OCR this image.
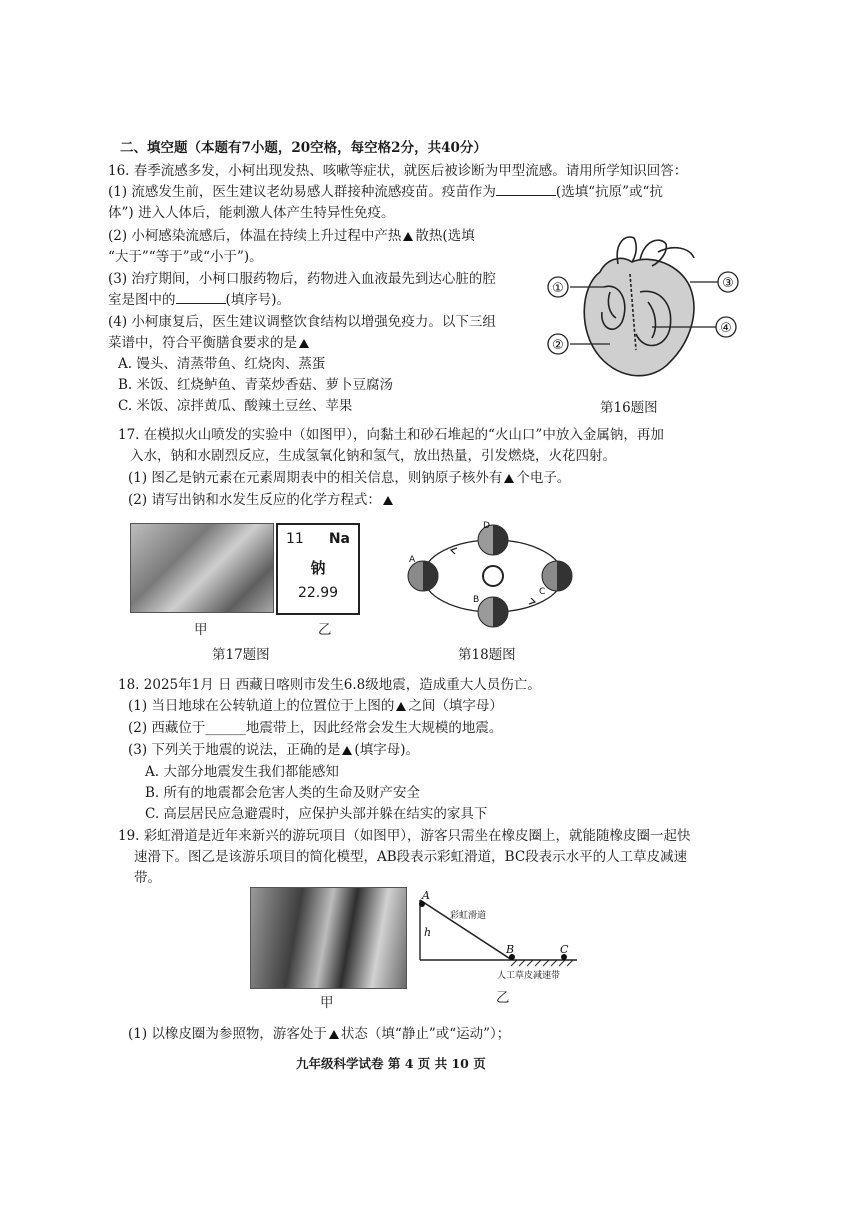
二、填空题（本题有7小题，20空格，每空格2分，共40分）
16. 春季流感多发，小柯出现发热、咳嗽等症状，就医后被诊断为甲型流感。请用所学知识回答：
(1) 流感发生前，医生建议老幼易感人群接种流感疫苗。疫苗作为	(选填“抗原”或“抗
体”) 进入人体后，能刺激人体产生特异性免疫。
(2) 小柯感染流感后，体温在持续上升过程中产热 散热(选填
“大于”“等于”或“小于”)。
(3) 治疗期间，小柯口服药物后，药物进入血液最先到达心脏的腔
室是图中的	(填序号)。
(4) 小柯康复后，医生建议调整饮食结构以增强免疫力。以下三组
菜谱中，符合平衡膳食要求的是
A. 馒头、清蒸带鱼、红烧肉、蒸蛋
B. 米饭、红烧鲈鱼、青菜炒香菇、萝卜豆腐汤
C. 米饭、凉拌黄瓜、酸辣土豆丝、苹果
①
②
③
④
第16题图
17. 在模拟火山喷发的实验中（如图甲），向黏土和砂石堆起的“火山口”中放入金属钠，再加
入水，钠和水剧烈反应，生成氢氧化钠和氢气，放出热量，引发燃烧，火花四射。
(1) 图乙是钠元素在元素周期表中的相关信息，则钠原子核外有 个电子。
(2) 请写出钠和水发生反应的化学方程式：
甲
11 Na
钠
22.99
乙
第17题图
A
B
C
D
第18题图
18. 2025年1月 日 西藏日喀则市发生6.8级地震，造成重大人员伤亡。
(1) 当日地球在公转轨道上的位置位于上图的 之间（填字母）
(2) 西藏位于______地震带上，因此经常会发生大规模的地震。
(3) 下列关于地震的说法，正确的是 (填字母)。
A. 大部分地震发生我们都能感知
B. 所有的地震都会危害人类的生命及财产安全
C. 高层居民应急避震时，应保护头部并躲在结实的家具下
19. 彩虹滑道是近年来新兴的游玩项目（如图甲），游客只需坐在橡皮圈上，就能随橡皮圈一起快
速滑下。图乙是该游乐项目的简化模型，AB段表示彩虹滑道，BC段表示水平的人工草皮减速
带。
甲
A
B	C
h
彩虹滑道
人工草皮减速带
乙
(1) 以橡皮圈为参照物，游客处于 状态（填“静止”或“运动”）；
九年级科学试卷 第 4 页 共 10 页
